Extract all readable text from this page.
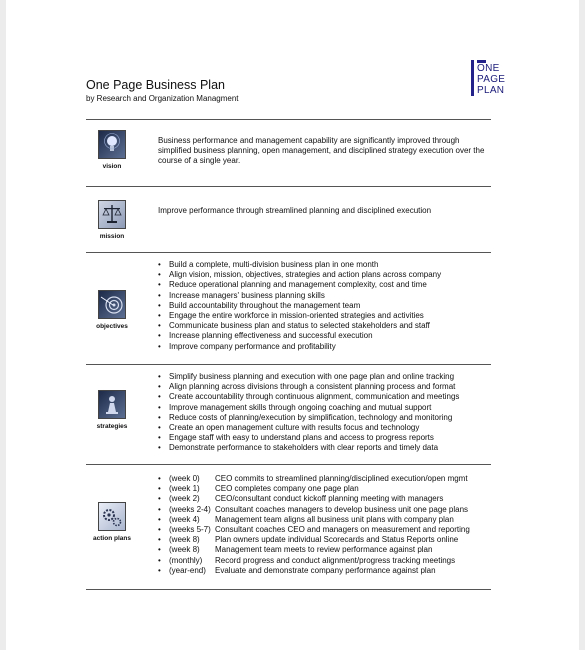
ONE
PAGE
PLAN
One Page Business Plan
by Research and Organization Managment
vision
Business performance and management capability are significantly improved through simplified business planning, open management, and disciplined strategy execution over the course of a single year.
mission
Improve performance through streamlined planning and disciplined execution
objectives
• Build a complete, multi-division business plan in one month
• Align vision, mission, objectives, strategies and action plans across company
• Reduce operational planning and management complexity, cost and time
• Increase managers' business planning skills
• Build accountability throughout the management team
• Engage the entire workforce in mission-oriented strategies and activities
• Communicate business plan and status to selected stakeholders and staff
• Increase planning effectiveness and successful execution
• Improve company performance and profitability
strategies
• Simplify business planning and execution with one page plan and online tracking
• Align planning across divisions through a consistent planning process and format
• Create accountability through continuous alignment, communication and meetings
• Improve management skills through ongoing coaching and mutual support
• Reduce costs of planning/execution by simplification, technology and monitoring
• Create an open management culture with results focus and technology
• Engage staff with easy to understand plans and access to progress reports
• Demonstrate performance to stakeholders with clear reports and timely data
action plans
• (week 0) CEO commits to streamlined planning/disciplined execution/open mgmt
• (week 1) CEO completes company one page plan
• (week 2) CEO/consultant conduct kickoff planning meeting with managers
• (weeks 2-4) Consultant coaches managers to develop business unit one page plans
• (week 4) Management team aligns all business unit plans with company plan
• (weeks 5-7) Consultant coaches CEO and managers on measurement and reporting
• (week 8) Plan owners update individual Scorecards and Status Reports online
• (week 8) Management team meets to review performance against plan
• (monthly) Record progress and conduct alignment/progress tracking meetings
• (year-end) Evaluate and demonstrate company performance against plan
